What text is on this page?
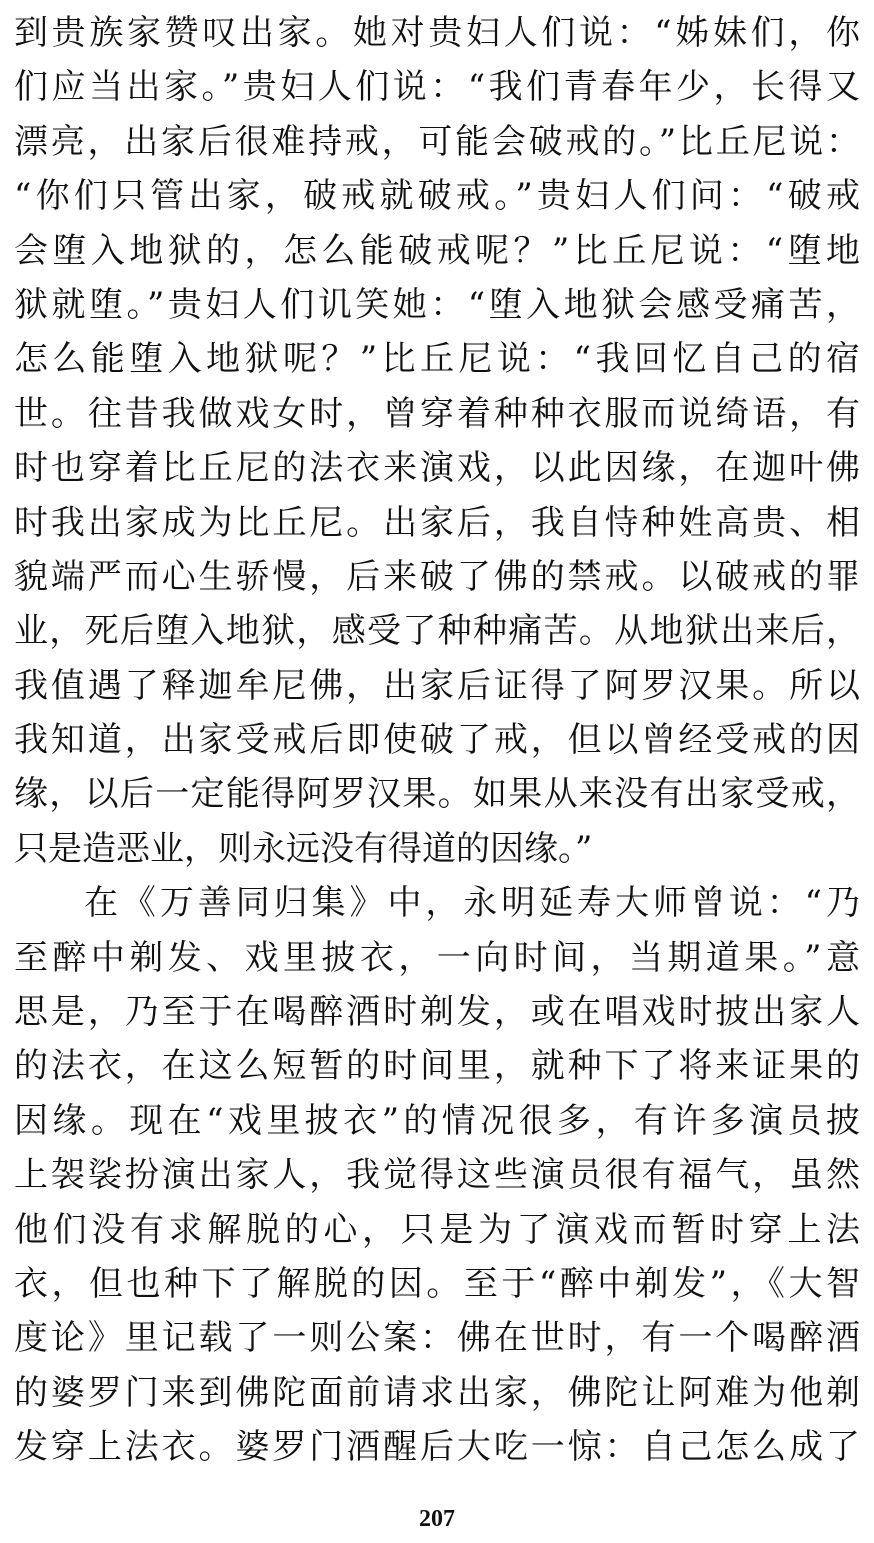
到贵族家赞叹出家。她对贵妇人们说：“姊妹们，你
们应当出家。”贵妇人们说：“我们青春年少，长得又
漂亮，出家后很难持戒，可能会破戒的。”比丘尼说：
“你们只管出家，破戒就破戒。”贵妇人们问：“破戒
会堕入地狱的，怎么能破戒呢？”比丘尼说：“堕地
狱就堕。”贵妇人们讥笑她：“堕入地狱会感受痛苦，
怎么能堕入地狱呢？”比丘尼说：“我回忆自己的宿
世。往昔我做戏女时，曾穿着种种衣服而说绮语，有
时也穿着比丘尼的法衣来演戏，以此因缘，在迦叶佛
时我出家成为比丘尼。出家后，我自恃种姓高贵、相
貌端严而心生骄慢，后来破了佛的禁戒。以破戒的罪
业，死后堕入地狱，感受了种种痛苦。从地狱出来后，
我值遇了释迦牟尼佛，出家后证得了阿罗汉果。所以
我知道，出家受戒后即使破了戒，但以曾经受戒的因
缘，以后一定能得阿罗汉果。如果从来没有出家受戒，
只是造恶业，则永远没有得道的因缘。”
在《万善同归集》中，永明延寿大师曾说：“乃
至醉中剃发、戏里披衣，一向时间，当期道果。”意
思是，乃至于在喝醉酒时剃发，或在唱戏时披出家人
的法衣，在这么短暂的时间里，就种下了将来证果的
因缘。现在“戏里披衣”的情况很多，有许多演员披
上袈裟扮演出家人，我觉得这些演员很有福气，虽然
他们没有求解脱的心，只是为了演戏而暂时穿上法
衣，但也种下了解脱的因。至于“醉中剃发”，《大智
度论》里记载了一则公案：佛在世时，有一个喝醉酒
的婆罗门来到佛陀面前请求出家，佛陀让阿难为他剃
发穿上法衣。婆罗门酒醒后大吃一惊：自己怎么成了
207
